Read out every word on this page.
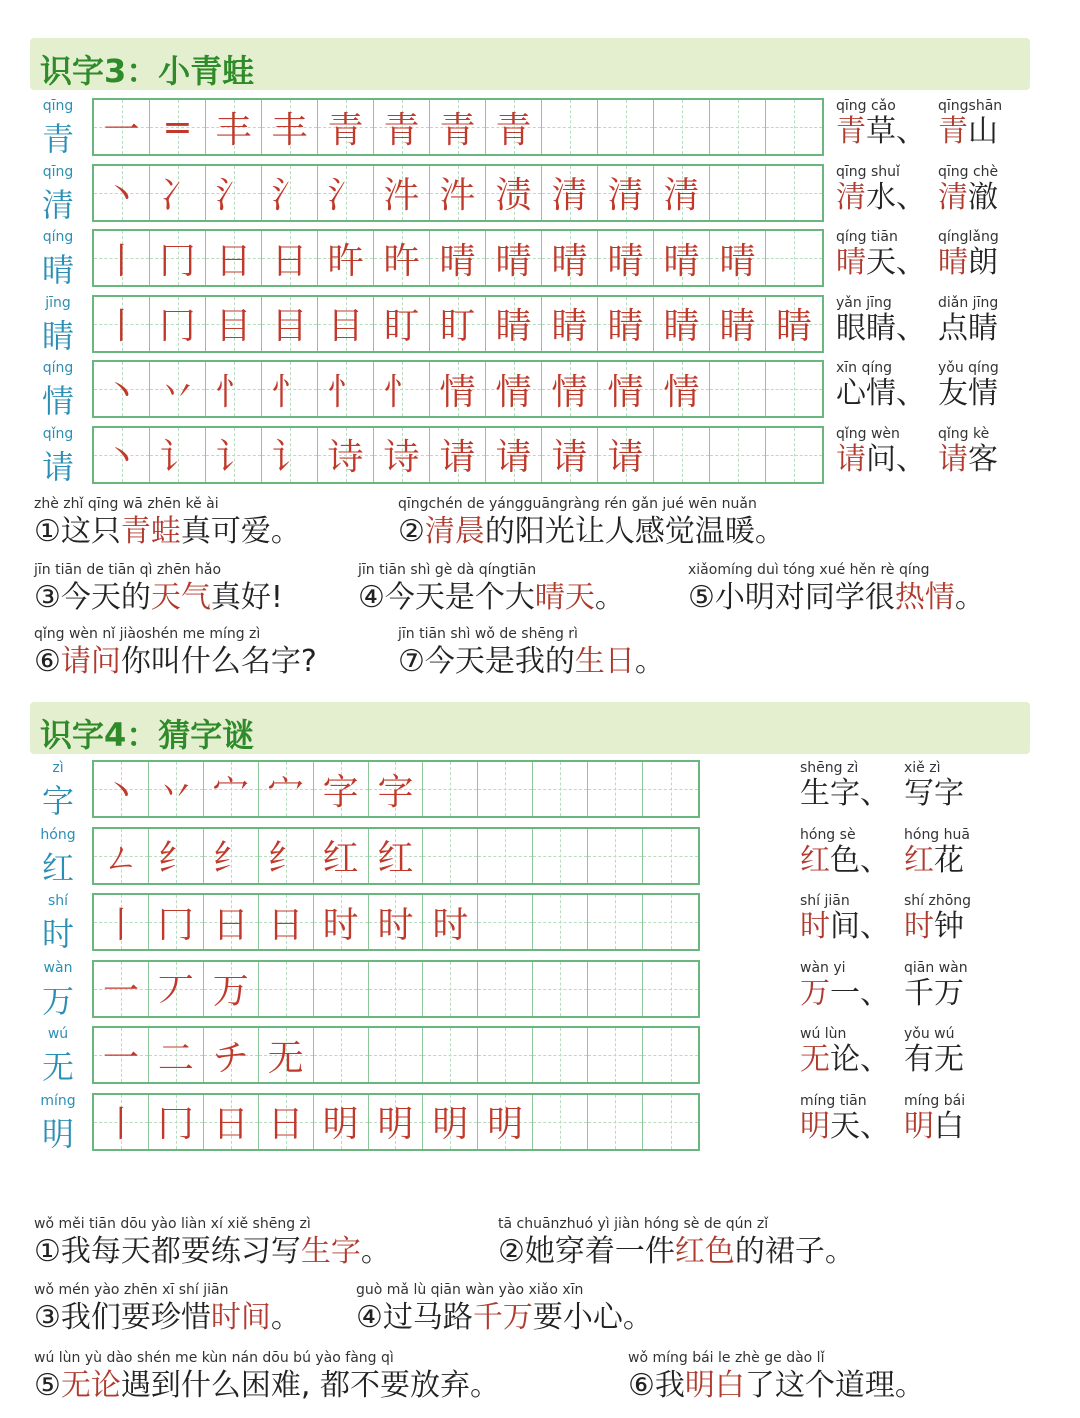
识字3：小青蛙
qīng
青 一 = 丰 丰 青 青 青 青
qīng cǎo
青草、
qīngshān
青山
qīng
清 丶 冫 氵 氵 氵 汼 汼 渍 清 清 清
qīng shuǐ
清水、
qīng chè
清澈
qíng
晴 丨 冂 日 日 旿 旿 晴 晴 晴 晴 晴 晴
qíng tiān
晴天、
qínglǎng
晴朗
jīng
睛 丨 冂 目 目 目 盯 盯 睛 睛 睛 睛 睛 睛
yǎn jīng
眼睛、
diǎn jīng
点睛
qíng
情 丶 丷 忄 忄 忄 忄 情 情 情 情 情
xīn qíng
心情、
yǒu qíng
友情
qǐng
请 丶 讠 讠 讠 诗 诗 请 请 请 请
qǐng wèn
请问、
qǐng kè
请客
zhè zhǐ qīng wā zhēn kě ài
①这只青蛙真可爱。
qīngchén de yángguāngràng rén gǎn jué wēn nuǎn
②清晨的阳光让人感觉温暖。
jīn tiān de tiān qì zhēn hǎo
③今天的天气真好!
jīn tiān shì gè dà qíngtiān
④今天是个大晴天。
xiǎomíng duì tóng xué hěn rè qíng
⑤小明对同学很热情。
qǐng wèn nǐ jiàoshén me míng zì
⑥请问你叫什么名字?
jīn tiān shì wǒ de shēng rì
⑦今天是我的生日。
识字4：猜字谜
zì
字 丶 丷 宀 宀 字 字
shēng zì
生字、
xiě zì
写字
hóng
红 ㄥ 纟 纟 纟 红 红
hóng sè
红色、
hóng huā
红花
shí
时 丨 冂 日 日 时 时 时
shí jiān
时间、
shí zhōng
时钟
wàn
万 一 丆 万
wàn yi
万一、
qiān wàn
千万
wú
无 一 二 チ 无
wú lùn
无论、
yǒu wú
有无
míng
明 丨 冂 日 日 明 明 明 明
míng tiān
明天、
míng bái
明白
wǒ měi tiān dōu yào liàn xí xiě shēng zì
①我每天都要练习写生字。
tā chuānzhuó yì jiàn hóng sè de qún zǐ
②她穿着一件红色的裙子。
wǒ mén yào zhēn xī shí jiān
③我们要珍惜时间。
guò mǎ lù qiān wàn yào xiǎo xīn
④过马路千万要小心。
wú lùn yù dào shén me kùn nán dōu bú yào fàng qì
⑤无论遇到什么困难, 都不要放弃。
wǒ míng bái le zhè ge dào lǐ
⑥我明白了这个道理。
